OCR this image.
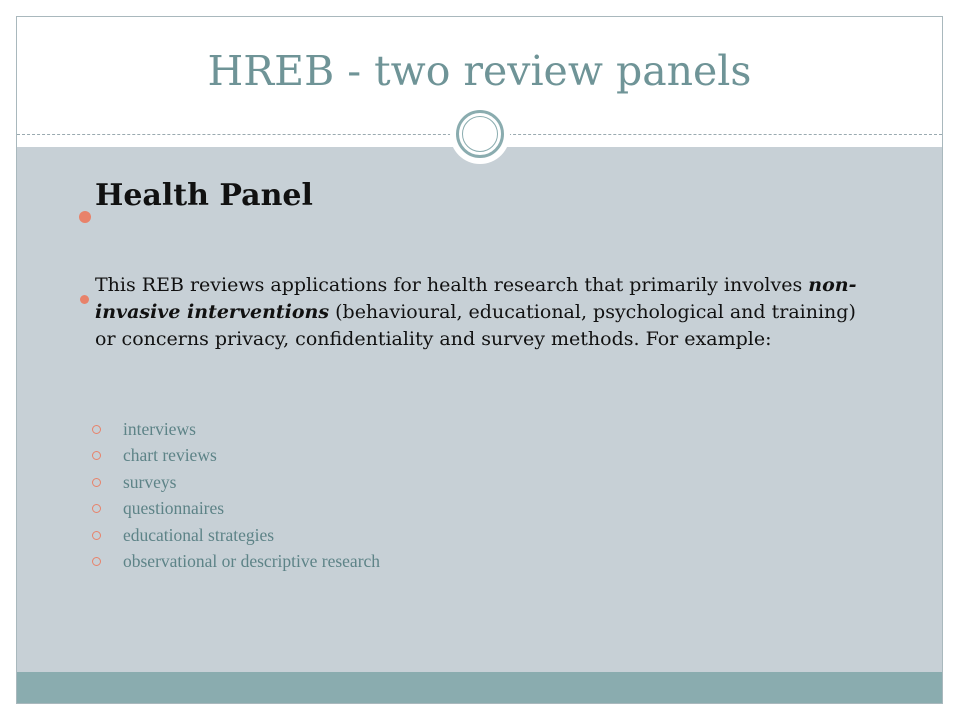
HREB - two review panels
Health Panel
This REB reviews applications for health research that primarily involves non-invasive interventions (behavioural, educational, psychological and training) or concerns privacy, confidentiality and survey methods. For example:
interviews
chart reviews
surveys
questionnaires
educational strategies
observational or descriptive research
